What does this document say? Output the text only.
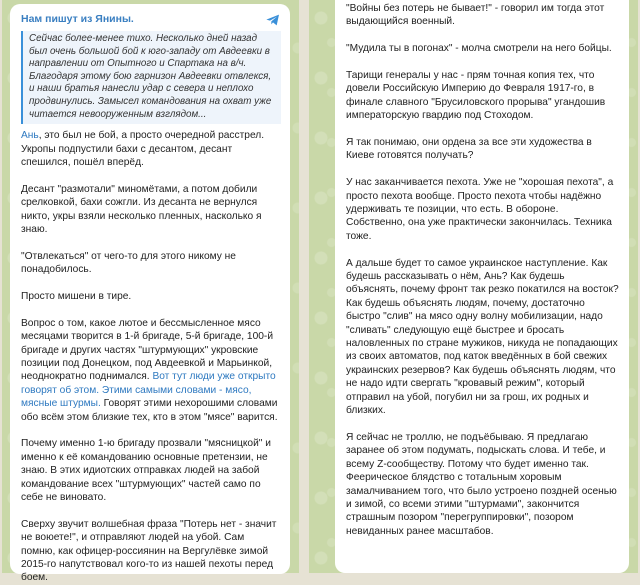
Нам пишут из Янины.
Сейчас более-менее тихо. Несколько дней назад был очень большой бой к юго-западу от Авдеевки в направлении от Опытного и Спартака на в/ч. Благодаря этому бою гарнизон Авдеевки отвлекся, и наши братья нанесли удар с севера и неплохо продвинулись. Замысел командования на охват уже читается невооруженным взглядом...

Ань, это был не бой, а просто очередной расстрел. Укропы подпустили бахи с десантом, десант спешился, пошёл вперёд.

Десант "размотали" миномётами, а потом добили срелковкой, бахи сожгли. Из десанта не вернулся никто, укры взяли несколько пленных, насколько я знаю.

"Отвлекаться" от чего-то для этого никому не понадобилось.

Просто мишени в тире.

Вопрос о том, какое лютое и бессмысленное мясо месяцами творится в 1-й бригаде, 5-й бригаде, 100-й бригаде и других частях "штурмующих" укровские позиции под Донецком, под Авдеевкой и Марьинкой, неоднократно поднимался. Вот тут люди уже открыто говорят об этом. Этими самыми словами - мясо, мясные штурмы. Говорят этими нехорошими словами обо всём этом близкие тех, кто в этом "мясе" варится.

Почему именно 1-ю бригаду прозвали "мясницкой" и именно к её командованию основные претензии, не знаю. В этих идиотских отправках людей на забой командование всех "штурмующих" частей само по себе не виновато.

Сверху звучит волшебная фраза "Потерь нет - значит не воюете!", и отправляют людей на убой. Сам помню, как офицер-россиянин на Вергулёвке зимой 2015-го напутствовал кого-то из нашей пехоты перед боем.

"Войны без потерь не бывает!" - говорил им тогда этот выдающийся военный.

"Мудила ты в погонах" - молча смотрели на него бойцы.

Тарищи генералы у нас - прям точная копия тех, что довели Российскую Империю до Февраля 1917-го, в финале славного "Брусиловского прорыва" угандошив императорскую гвардию под Стоходом.

Я так понимаю, они ордена за все эти художества в Киеве готовятся получать?

У нас заканчивается пехота. Уже не "хорошая пехота", а просто пехота вообще. Просто пехота чтобы надёжно удерживать те позиции, что есть. В обороне. Собственно, она уже практически закончилась. Техника тоже.

А дальше будет то самое украинское наступление. Как будешь рассказывать о нём, Ань? Как будешь объяснять, почему фронт так резко покатился на восток? Как будешь объяснять людям, почему, достаточно быстро "слив" на мясо одну волну мобилизации, надо "сливать" следующую ещё быстрее и бросать наловленных по стране мужиков, никуда не попадающих из своих автоматов, под каток введённых в бой свежих украинских резервов? Как будешь объяснять людям, что не надо идти свергать "кровавый режим", который отправил на убой, погубил ни за грош, их родных и близких.

Я сейчас не троллю, не подъёбываю. Я предлагаю заранее об этом подумать, подыскать слова. И тебе, и всему Z-сообществу. Потому что будет именно так. Феерическое блядство с тотальным хоровым замалчиванием того, что было устроено поздней осенью и зимой, со всеми этими "штурмами", закончится страшным позором "перегруппировки", позором невиданных ранее масштабов.
